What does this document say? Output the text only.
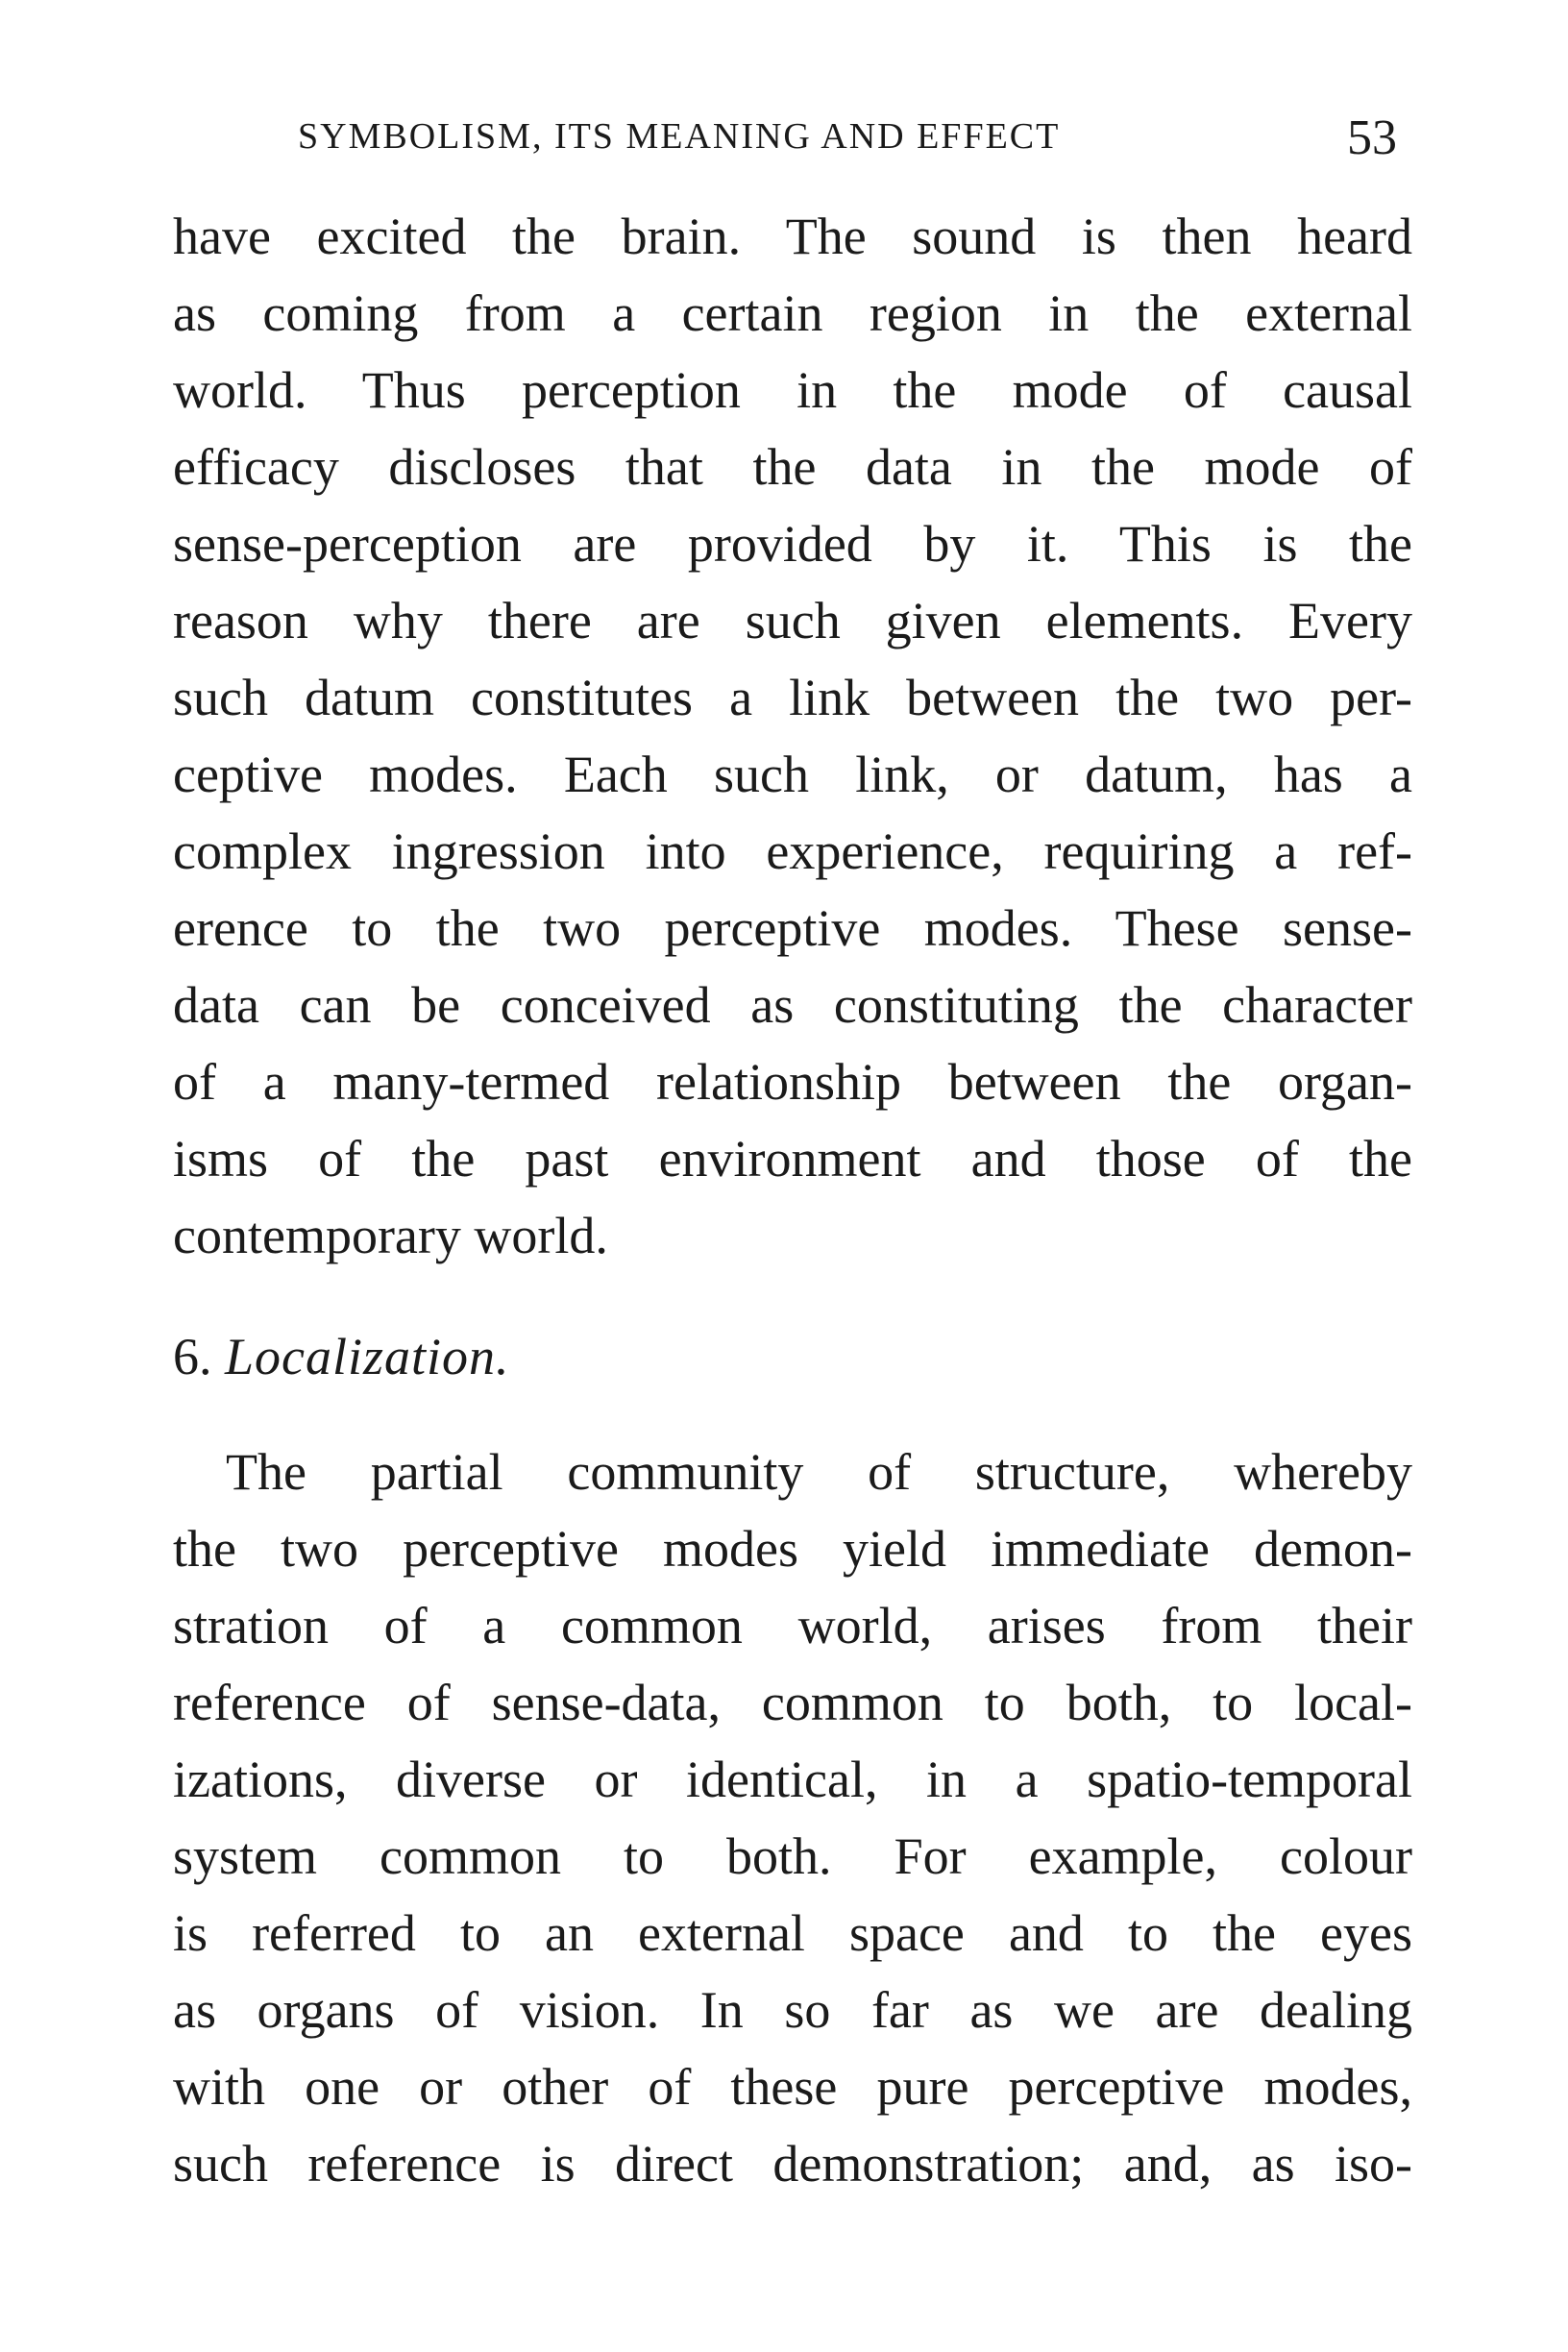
SYMBOLISM, ITS MEANING AND EFFECT	53
have excited the brain. The sound is then heard
as coming from a certain region in the external
world. Thus perception in the mode of causal
efficacy discloses that the data in the mode of
sense-perception are provided by it. This is the
reason why there are such given elements. Every
such datum constitutes a link between the two per-
ceptive modes. Each such link, or datum, has a
complex ingression into experience, requiring a ref-
erence to the two perceptive modes. These sense-
data can be conceived as constituting the character
of a many-termed relationship between the organ-
isms of the past environment and those of the
contemporary world.
6. Localization.
The partial community of structure, whereby
the two perceptive modes yield immediate demon-
stration of a common world, arises from their
reference of sense-data, common to both, to local-
izations, diverse or identical, in a spatio-temporal
system common to both. For example, colour
is referred to an external space and to the eyes
as organs of vision. In so far as we are dealing
with one or other of these pure perceptive modes,
such reference is direct demonstration; and, as iso-
